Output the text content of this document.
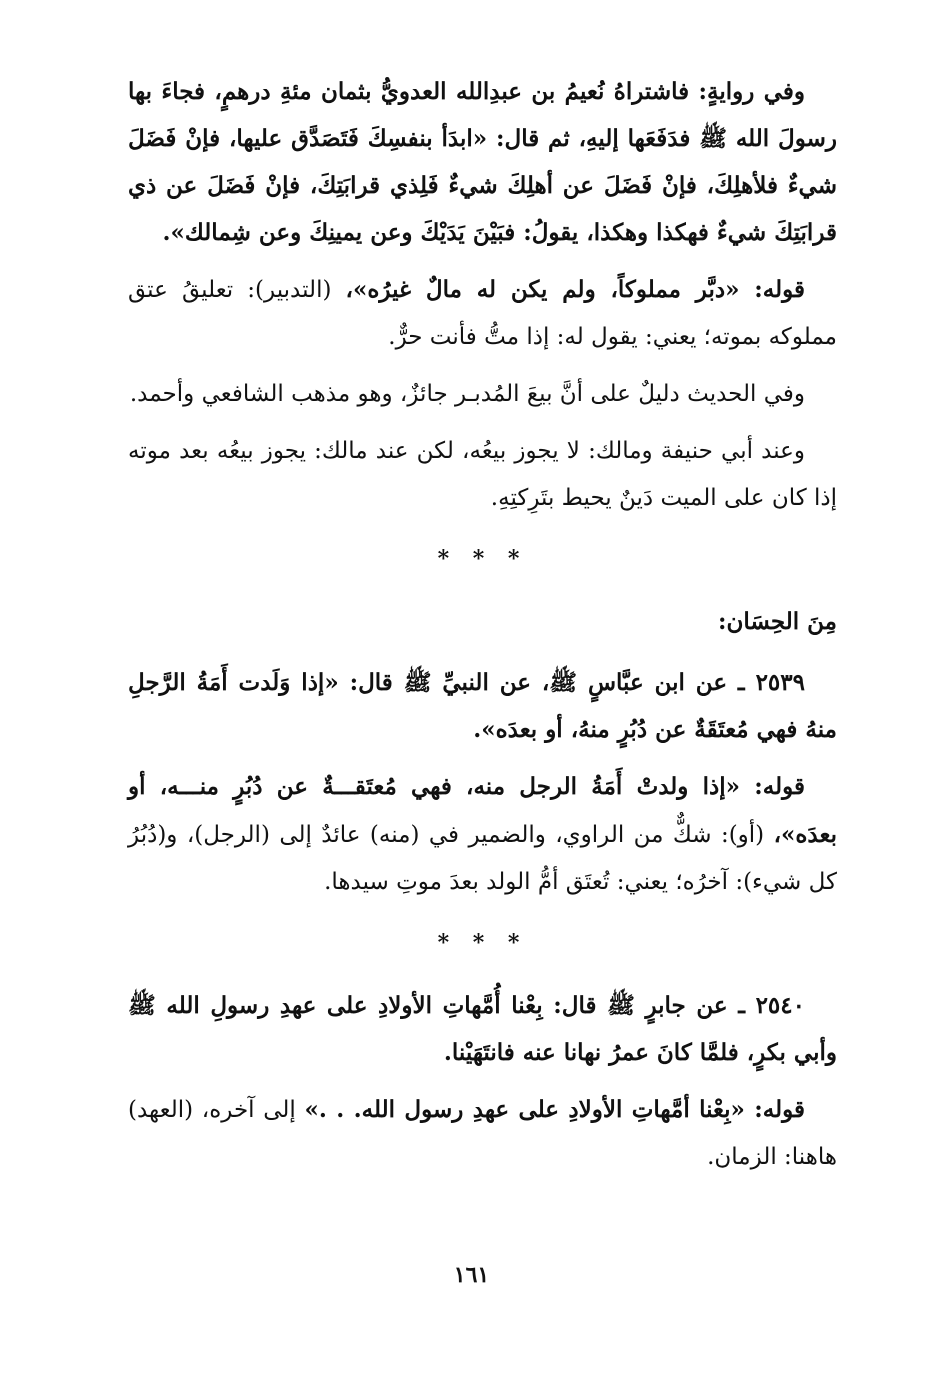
وفي روايةٍ: فاشتراهُ نُعيمُ بن عبدِالله العدويُّ بثمان مئةِ درهمٍ، فجاءَ بها رسولَ الله ﷺ فدَفَعَها إليهِ، ثم قال: «ابدَأ بنفسِكَ فَتَصَدَّق عليها، فإنْ فَضَلَ شيءٌ فلأهلِكَ، فإنْ فَضَلَ عن أهلِكَ شيءٌ فَلِذي قرابَتِكَ، فإنْ فَضَلَ عن ذي قرابَتِكَ شيءٌ فهكذا وهكذا، يقولُ: فبَيْنَ يَدَيْكَ وعن يمينِكَ وعن شِمالك».

قوله: «دبَّر مملوكاً، ولم يكن له مالٌ غيرُه»، (التدبير): تعليقُ عتق مملوكه بموته؛ يعني: يقول له: إذا متُّ فأنت حرٌّ.

وفي الحديث دليلٌ على أنَّ بيعَ المُدبـر جائزٌ، وهو مذهب الشافعي وأحمد.

وعند أبي حنيفة ومالك: لا يجوز بيعُه، لكن عند مالك: يجوز بيعُه بعد موته إذا كان على الميت دَينٌ يحيط بتَرِكتِهِ.

* * *
مِنَ الحِسَان:

٢٥٣٩ ـ عن ابن عبَّاسٍ ﷺ، عن النبيِّ ﷺ قال: «إذا وَلَدت أَمَةُ الرَّجلِ منهُ فهي مُعتَقَةٌ عن دُبُرٍ منهُ، أو بعدَه».

قوله: «إذا ولدتْ أَمَةُ الرجل منه، فهي مُعتَقـــةٌ عن دُبُرٍ منـــه، أو بعدَه»، (أو): شكٌّ من الراوي، والضمير في (منه) عائدٌ إلى (الرجل)، و(دُبُرُ كل شيء): آخرُه؛ يعني: تُعتَق أمُّ الولد بعدَ موتِ سيدها.

* * *

٢٥٤٠ ـ عن جابرٍ ﷺ قال: بِعْنا أُمَّهاتِ الأولادِ على عهدِ رسولِ الله ﷺ وأبي بكرٍ، فلمَّا كانَ عمرُ نهانا عنه فانتَهَيْنا.

قوله: «بِعْنا أمَّهاتِ الأولادِ على عهدِ رسول الله. . .» إلى آخره، (العهد) هاهنا: الزمان.

١٦١
